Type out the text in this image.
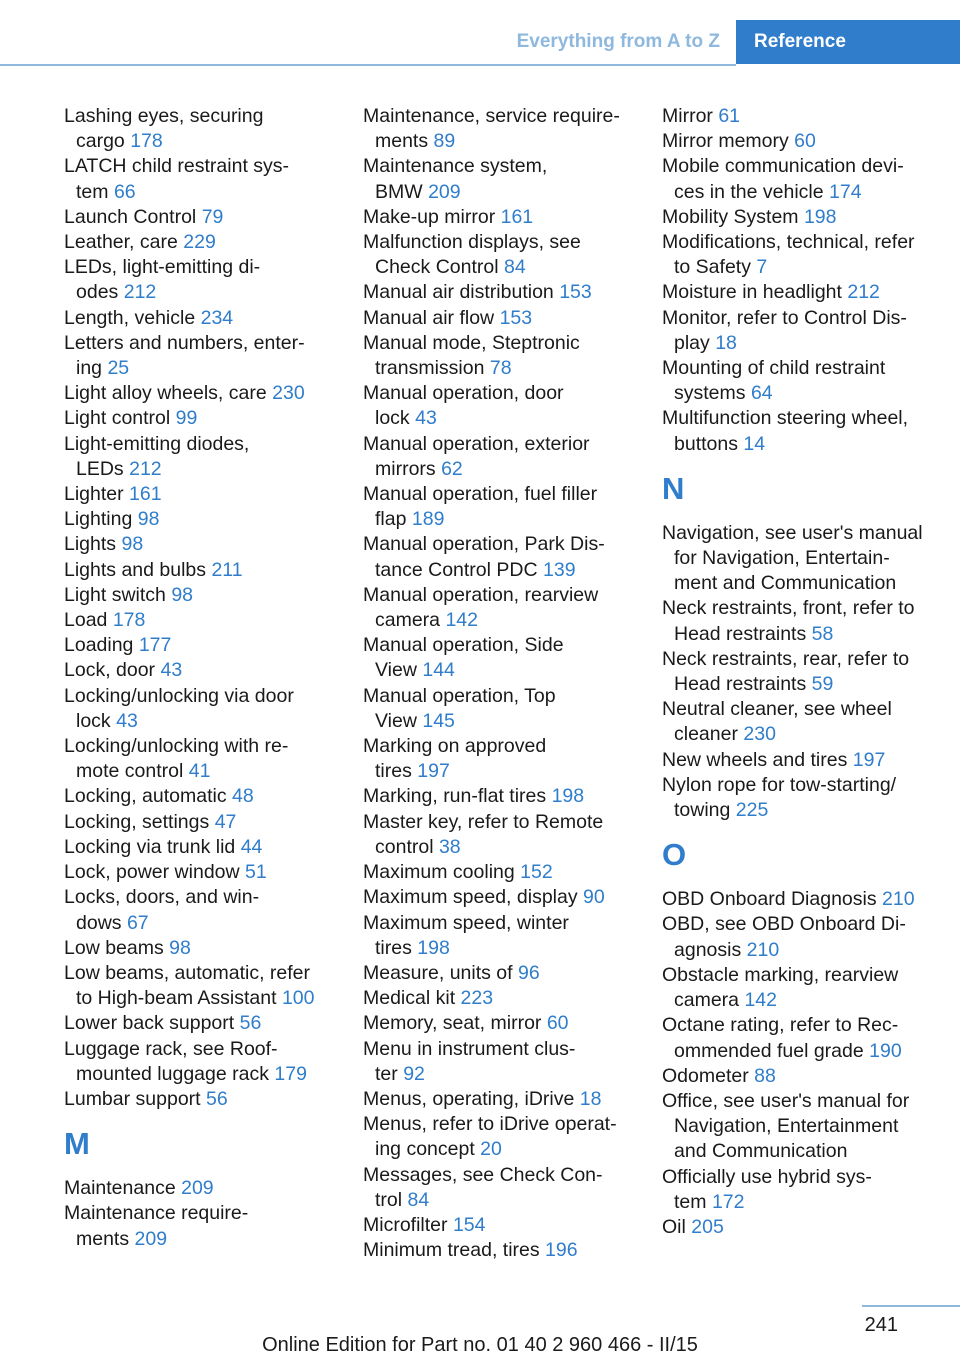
Everything from A to Z	Reference
Lashing eyes, securing
cargo 178
LATCH child restraint sys-
tem 66
Launch Control 79
Leather, care 229
LEDs, light-emitting di-
odes 212
Length, vehicle 234
Letters and numbers, enter-
ing 25
Light alloy wheels, care 230
Light control 99
Light-emitting diodes,
LEDs 212
Lighter 161
Lighting 98
Lights 98
Lights and bulbs 211
Light switch 98
Load 178
Loading 177
Lock, door 43
Locking/unlocking via door
lock 43
Locking/unlocking with re-
mote control 41
Locking, automatic 48
Locking, settings 47
Locking via trunk lid 44
Lock, power window 51
Locks, doors, and win-
dows 67
Low beams 98
Low beams, automatic, refer
to High-beam Assistant 100
Lower back support 56
Luggage rack, see Roof-
mounted luggage rack 179
Lumbar support 56
M
Maintenance 209
Maintenance require-
ments 209
Maintenance, service require-
ments 89
Maintenance system,
BMW 209
Make-up mirror 161
Malfunction displays, see
Check Control 84
Manual air distribution 153
Manual air flow 153
Manual mode, Steptronic
transmission 78
Manual operation, door
lock 43
Manual operation, exterior
mirrors 62
Manual operation, fuel filler
flap 189
Manual operation, Park Dis-
tance Control PDC 139
Manual operation, rearview
camera 142
Manual operation, Side
View 144
Manual operation, Top
View 145
Marking on approved
tires 197
Marking, run-flat tires 198
Master key, refer to Remote
control 38
Maximum cooling 152
Maximum speed, display 90
Maximum speed, winter
tires 198
Measure, units of 96
Medical kit 223
Memory, seat, mirror 60
Menu in instrument clus-
ter 92
Menus, operating, iDrive 18
Menus, refer to iDrive operat-
ing concept 20
Messages, see Check Con-
trol 84
Microfilter 154
Minimum tread, tires 196
Mirror 61
Mirror memory 60
Mobile communication devi-
ces in the vehicle 174
Mobility System 198
Modifications, technical, refer
to Safety 7
Moisture in headlight 212
Monitor, refer to Control Dis-
play 18
Mounting of child restraint
systems 64
Multifunction steering wheel,
buttons 14
N
Navigation, see user's manual
for Navigation, Entertain-
ment and Communication
Neck restraints, front, refer to
Head restraints 58
Neck restraints, rear, refer to
Head restraints 59
Neutral cleaner, see wheel
cleaner 230
New wheels and tires 197
Nylon rope for tow-starting/
towing 225
O
OBD Onboard Diagnosis 210
OBD, see OBD Onboard Di-
agnosis 210
Obstacle marking, rearview
camera 142
Octane rating, refer to Rec-
ommended fuel grade 190
Odometer 88
Office, see user's manual for
Navigation, Entertainment
and Communication
Officially use hybrid sys-
tem 172
Oil 205
241
Online Edition for Part no. 01 40 2 960 466 - II/15
